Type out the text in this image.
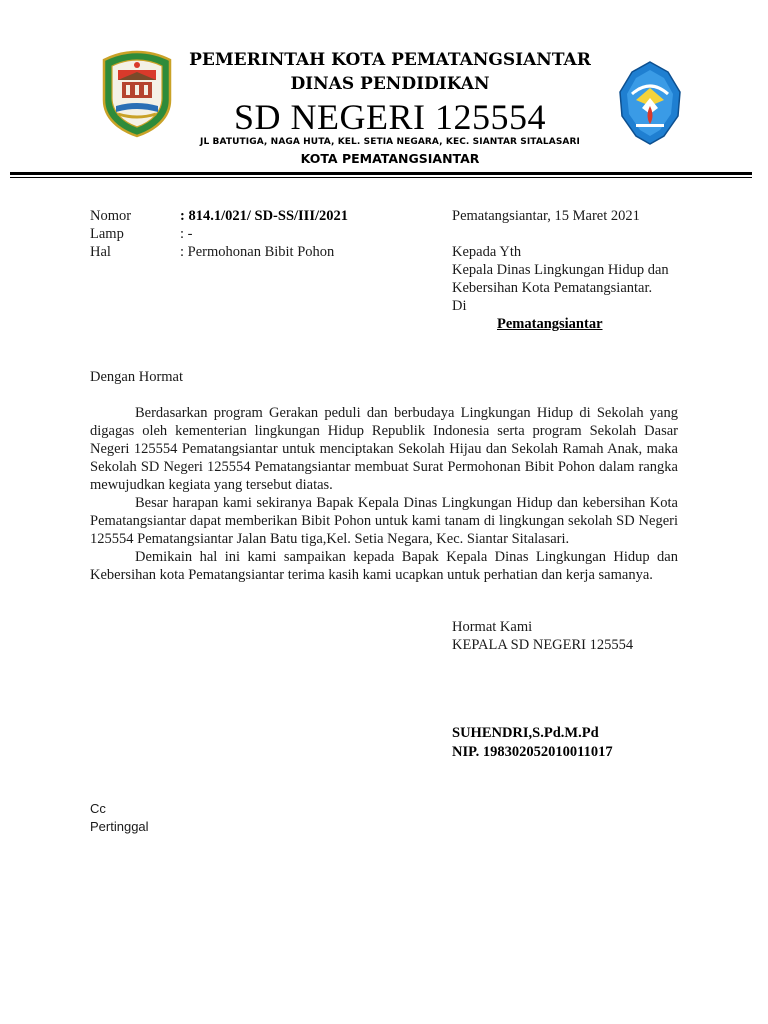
PEMERINTAH KOTA PEMATANGSIANTAR
DINAS PENDIDIKAN
SD NEGERI 125554
JL BATUTIGA, NAGA HUTA, KEL. SETIA NEGARA, KEC. SIANTAR SITALASARI
KOTA PEMATANGSIANTAR
Nomor	: 814.1/021/ SD-SS/III/2021
Lamp	: -
Hal	: Permohonan Bibit Pohon
Pematangsiantar, 15 Maret 2021
Kepada Yth
Kepala Dinas Lingkungan Hidup dan
Kebersihan Kota Pematangsiantar.
Di
Pematangsiantar
Dengan Hormat

Berdasarkan program Gerakan peduli dan berbudaya Lingkungan Hidup di Sekolah yang digagas oleh kementerian lingkungan Hidup Republik Indonesia serta program Sekolah Dasar Negeri 125554 Pematangsiantar untuk menciptakan Sekolah Hijau dan Sekolah Ramah Anak, maka Sekolah SD Negeri 125554 Pematangsiantar membuat Surat Permohonan Bibit Pohon dalam rangka mewujudkan kegiata yang tersebut diatas.

Besar harapan kami sekiranya Bapak Kepala Dinas Lingkungan Hidup dan kebersihan Kota Pematangsiantar dapat memberikan Bibit Pohon untuk kami tanam di lingkungan sekolah SD Negeri 125554 Pematangsiantar Jalan Batu tiga,Kel. Setia Negara, Kec. Siantar Sitalasari.

Demikain hal ini kami sampaikan kepada Bapak Kepala Dinas Lingkungan Hidup dan Kebersihan kota Pematangsiantar terima kasih kami ucapkan untuk perhatian dan kerja samanya.

Hormat Kami
KEPALA SD NEGERI 125554
SUHENDRI,S.Pd.M.Pd
NIP. 198302052010011017
Cc
Pertinggal
